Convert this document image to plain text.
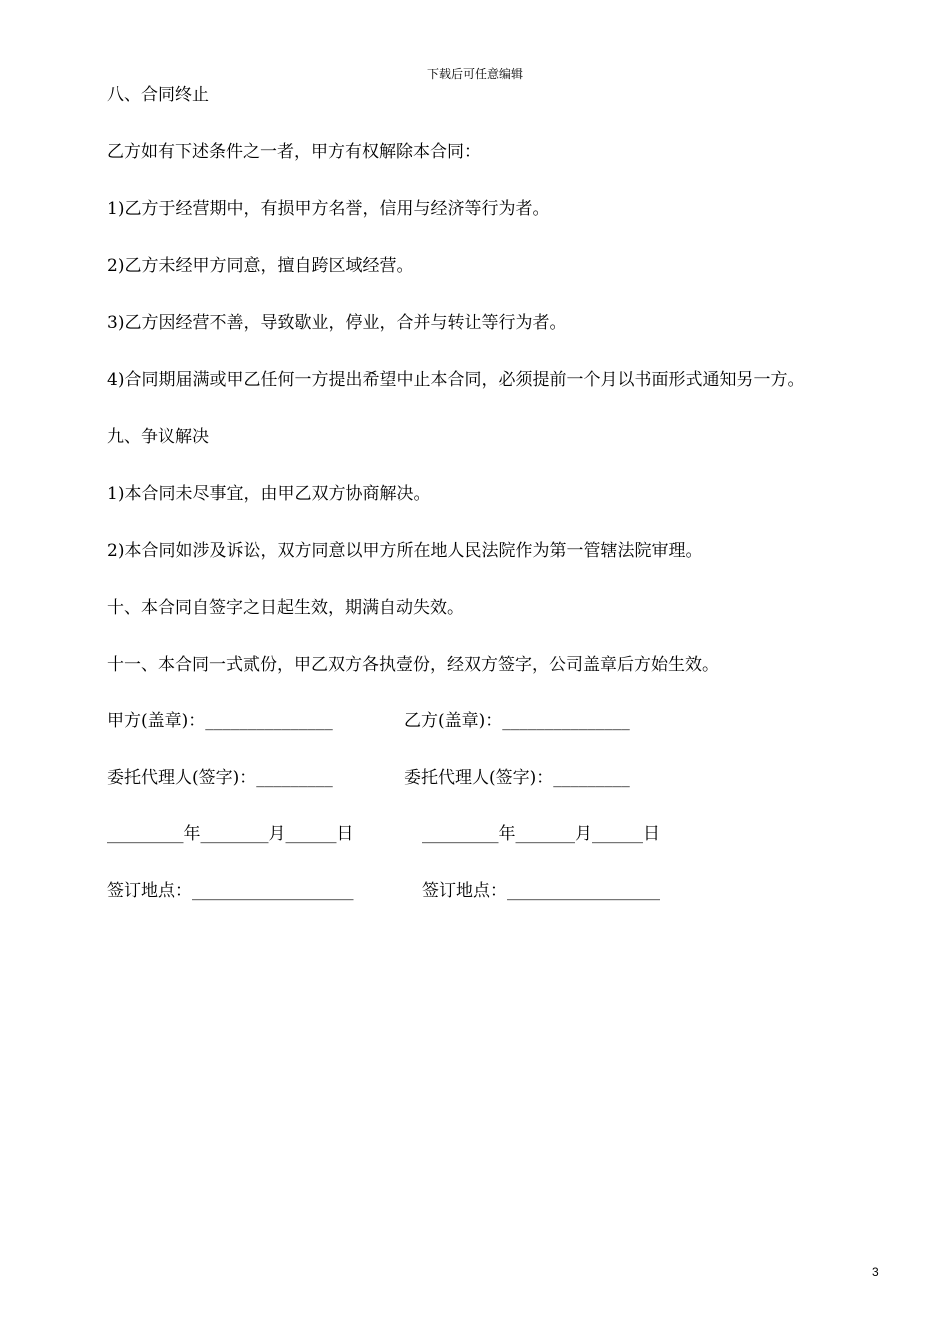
下载后可任意编辑
八、合同终止
乙方如有下述条件之一者，甲方有权解除本合同：
1)乙方于经营期中，有损甲方名誉，信用与经济等行为者。
2)乙方未经甲方同意，擅自跨区域经营。
3)乙方因经营不善，导致歇业，停业，合并与转让等行为者。
4)合同期届满或甲乙任何一方提出希望中止本合同，必须提前一个月以书面形式通知另一方。
九、争议解决
1)本合同未尽事宜，由甲乙双方协商解决。
2)本合同如涉及诉讼，双方同意以甲方所在地人民法院作为第一管辖法院审理。
十、本合同自签字之日起生效，期满自动失效。
十一、本合同一式贰份，甲乙双方各执壹份，经双方签字，公司盖章后方始生效。
甲方(盖章)：_______________	乙方(盖章)：_______________
委托代理人(签字)：_________	委托代理人(签字)：_________
_________年________月______日	_________年_______月______日
签订地点：___________________	签订地点：__________________
3
